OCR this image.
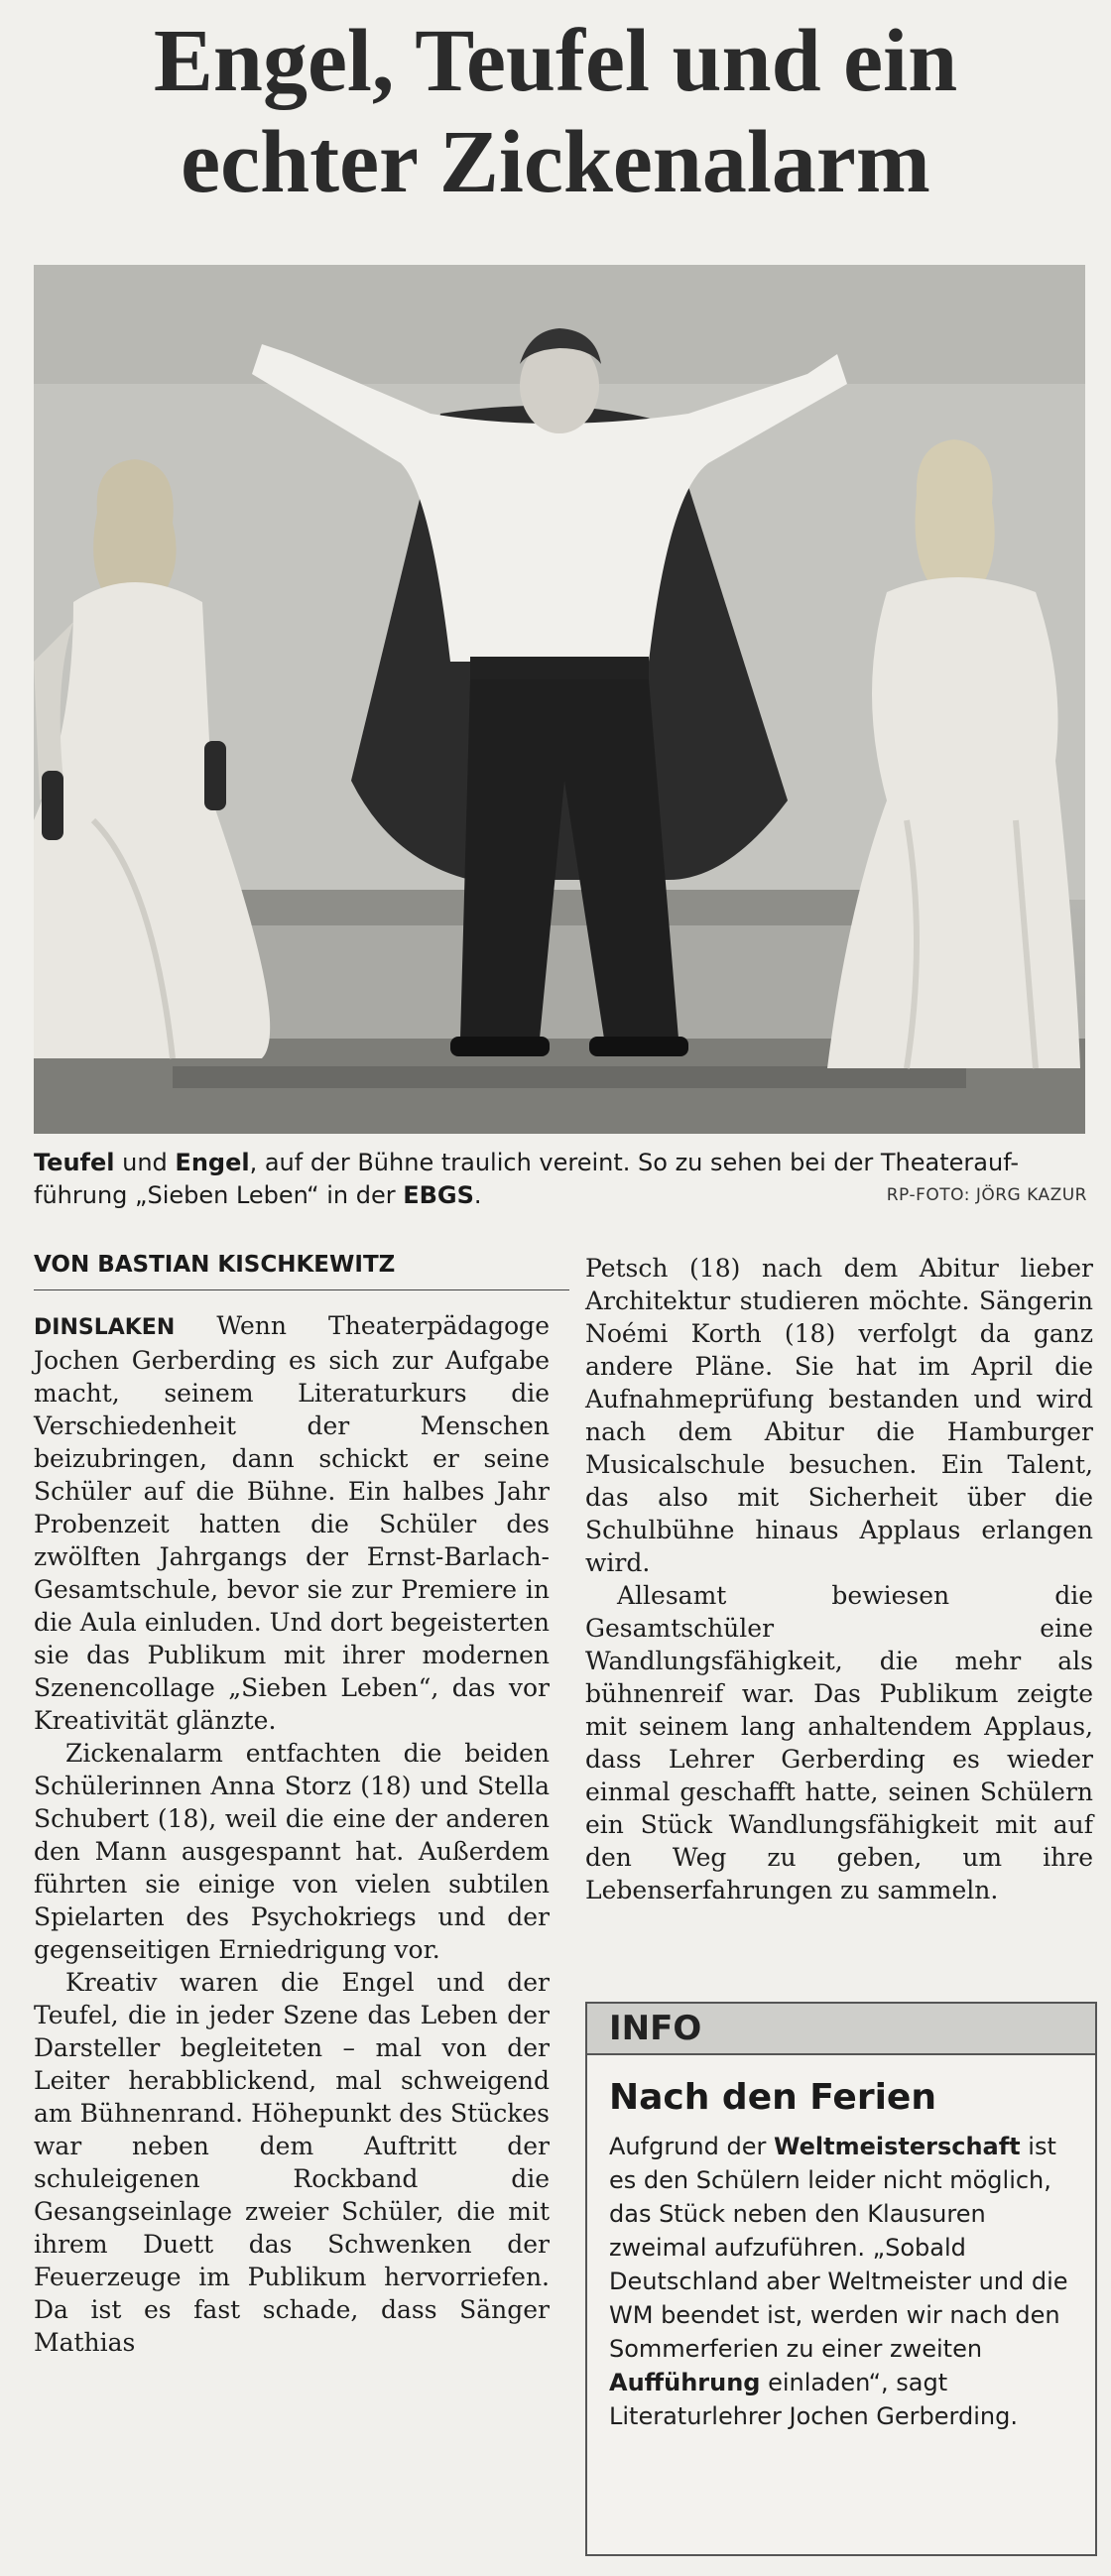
Engel, Teufel und ein
echter Zickenalarm
Teufel und Engel, auf der Bühne traulich vereint. So zu sehen bei der Theaterauf- führung „Sieben Leben“ in der EBGS.	RP-FOTO: JÖRG KAZUR
VON BASTIAN KISCHKEWITZ

DINSLAKEN Wenn Theaterpädagoge Jochen Gerberding es sich zur Aufgabe macht, seinem Literaturkurs die Verschiedenheit der Menschen beizubringen, dann schickt er seine Schüler auf die Bühne. Ein halbes Jahr Probenzeit hatten die Schüler des zwölften Jahrgangs der Ernst-Barlach-Gesamtschule, bevor sie zur Premiere in die Aula einluden. Und dort begeisterten sie das Publikum mit ihrer modernen Szenencollage „Sieben Leben“, das vor Kreativität glänzte.

Zickenalarm entfachten die beiden Schülerinnen Anna Storz (18) und Stella Schubert (18), weil die eine der anderen den Mann ausgespannt hat. Außerdem führten sie einige von vielen subtilen Spielarten des Psychokriegs und der gegenseitigen Erniedrigung vor.

Kreativ waren die Engel und der Teufel, die in jeder Szene das Leben der Darsteller begleiteten – mal von der Leiter herabblickend, mal schweigend am Bühnenrand. Höhepunkt des Stückes war neben dem Auftritt der schuleigenen Rockband die Gesangseinlage zweier Schüler, die mit ihrem Duett das Schwenken der Feuerzeuge im Publikum hervorriefen. Da ist es fast schade, dass Sänger Mathias

Petsch (18) nach dem Abitur lieber Architektur studieren möchte. Sängerin Noémi Korth (18) verfolgt da ganz andere Pläne. Sie hat im April die Aufnahmeprüfung bestanden und wird nach dem Abitur die Hamburger Musicalschule besuchen. Ein Talent, das also mit Sicherheit über die Schulbühne hinaus Applaus erlangen wird.

Allesamt bewiesen die Gesamtschüler eine Wandlungsfähigkeit, die mehr als bühnenreif war. Das Publikum zeigte mit seinem lang anhaltendem Applaus, dass Lehrer Gerberding es wieder einmal geschafft hatte, seinen Schülern ein Stück Wandlungsfähigkeit mit auf den Weg zu geben, um ihre Lebenserfahrungen zu sammeln.

INFO
Nach den Ferien
Aufgrund der Weltmeisterschaft ist es den Schülern leider nicht möglich, das Stück neben den Klausuren zweimal aufzuführen. „Sobald Deutschland aber Weltmeister und die WM beendet ist, werden wir nach den Sommerferien zu einer zweiten Aufführung einladen“, sagt Literaturlehrer Jochen Gerberding.
